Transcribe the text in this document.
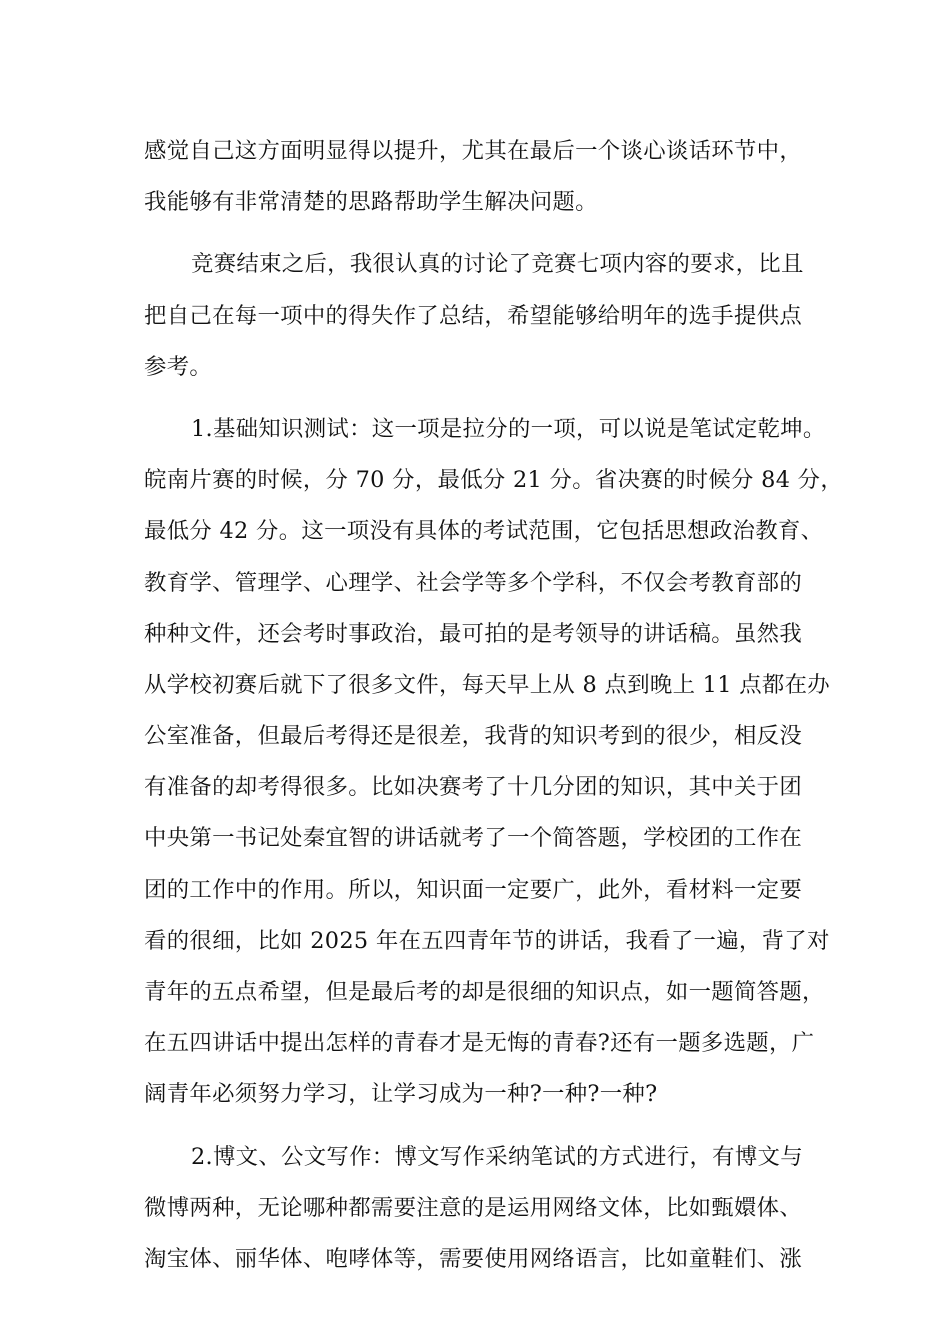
感觉自己这方面明显得以提升，尤其在最后一个谈心谈话环节中，
我能够有非常清楚的思路帮助学生解决问题。

竞赛结束之后，我很认真的讨论了竞赛七项内容的要求，比且
把自己在每一项中的得失作了总结，希望能够给明年的选手提供点
参考。

1.基础知识测试：这一项是拉分的一项，可以说是笔试定乾坤。
皖南片赛的时候，分 70 分，最低分 21 分。省决赛的时候分 84 分，
最低分 42 分。这一项没有具体的考试范围，它包括思想政治教育、
教育学、管理学、心理学、社会学等多个学科，不仅会考教育部的
种种文件，还会考时事政治，最可拍的是考领导的讲话稿。虽然我
从学校初赛后就下了很多文件，每天早上从 8 点到晚上 11 点都在办
公室准备，但最后考得还是很差，我背的知识考到的很少，相反没
有准备的却考得很多。比如决赛考了十几分团的知识，其中关于团
中央第一书记处秦宜智的讲话就考了一个简答题，学校团的工作在
团的工作中的作用。所以，知识面一定要广，此外，看材料一定要
看的很细，比如 2025 年在五四青年节的讲话，我看了一遍，背了对
青年的五点希望，但是最后考的却是很细的知识点，如一题简答题，
在五四讲话中提出怎样的青春才是无悔的青春?还有一题多选题，广
阔青年必须努力学习，让学习成为一种?一种?一种?

2.博文、公文写作：博文写作采纳笔试的方式进行，有博文与
微博两种，无论哪种都需要注意的是运用网络文体，比如甄嬛体、
淘宝体、丽华体、咆哮体等，需要使用网络语言，比如童鞋们、涨
